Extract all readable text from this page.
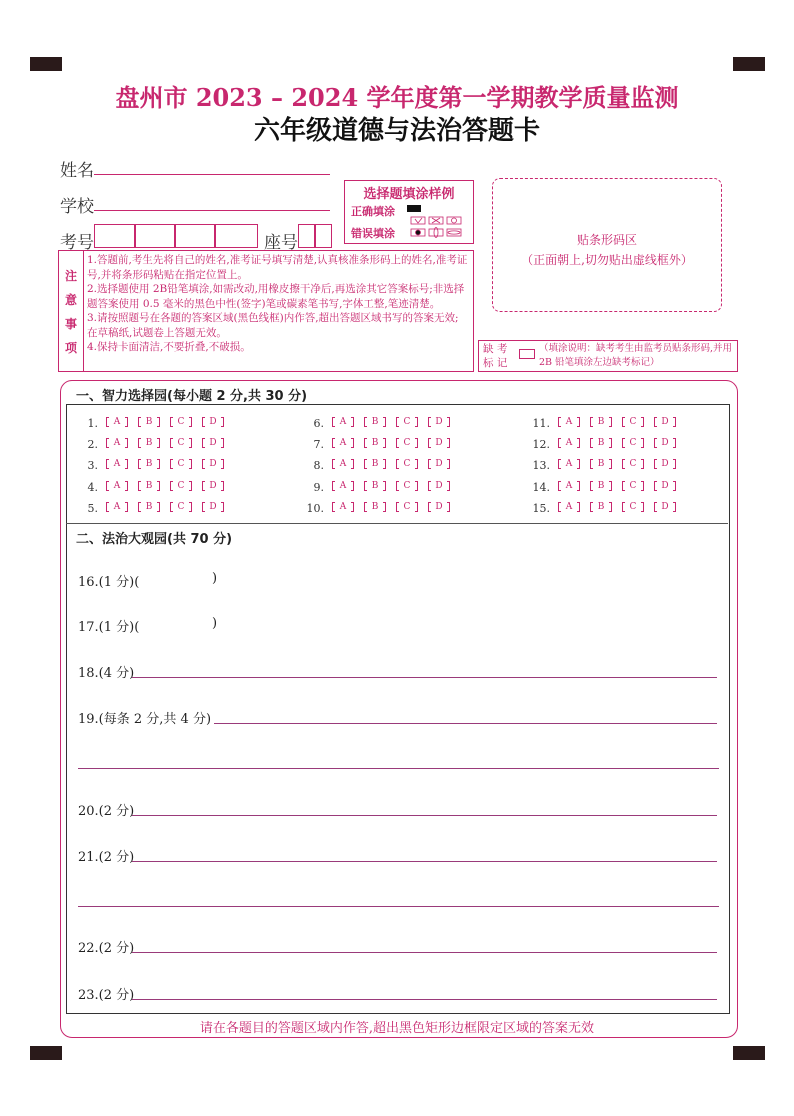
盘州市 2023 – 2024 学年度第一学期教学质量监测
六年级道德与法治答题卡
姓名
学校
考号	座号
选择题填涂样例
正确填涂
错误填涂	贴条形码区
（正面朝上,切勿贴出虚线框外）
注
意
事
项
1.答题前,考生先将自己的姓名,准考证号填写清楚,认真核准条形码上的姓名,准考证号,并将条形码粘贴在指定位置上。
2.选择题使用 2B铅笔填涂,如需改动,用橡皮擦干净后,再选涂其它答案标号;非选择题答案使用 0.5 毫米的黑色中性(签字)笔或碳素笔书写,字体工整,笔迹清楚。
3.请按照题号在各题的答案区域(黑色线框)内作答,超出答题区域书写的答案无效;在草稿纸,试题卷上答题无效。
4.保持卡面清洁,不要折叠,不破损。	缺 考 标 记
（填涂说明：缺考考生由监考员贴条形码,并用 2B 铅笔填涂左边缺考标记）
一、智力选择园(每小题 2 分,共 30 分)
1.	A	B	C	D
2.	A	B	C	D
3.	A	B	C	D
4.	A	B	C	D
5.	A	B	C	D
6.	A	B	C	D
7.	A	B	C	D
8.	A	B	C	D
9.	A	B	C	D
10.	A	B	C	D
11.	A	B	C	D
12.	A	B	C	D
13.	A	B	C	D
14.	A	B	C	D
15.	A	B	C	D
二、法治大观园(共 70 分)
16.(1 分)(	)
17.(1 分)(	)
18.(4 分)
19.(每条 2 分,共 4 分)
20.(2 分)
21.(2 分)
22.(2 分)
23.(2 分)
请在各题目的答题区域内作答,超出黑色矩形边框限定区域的答案无效
